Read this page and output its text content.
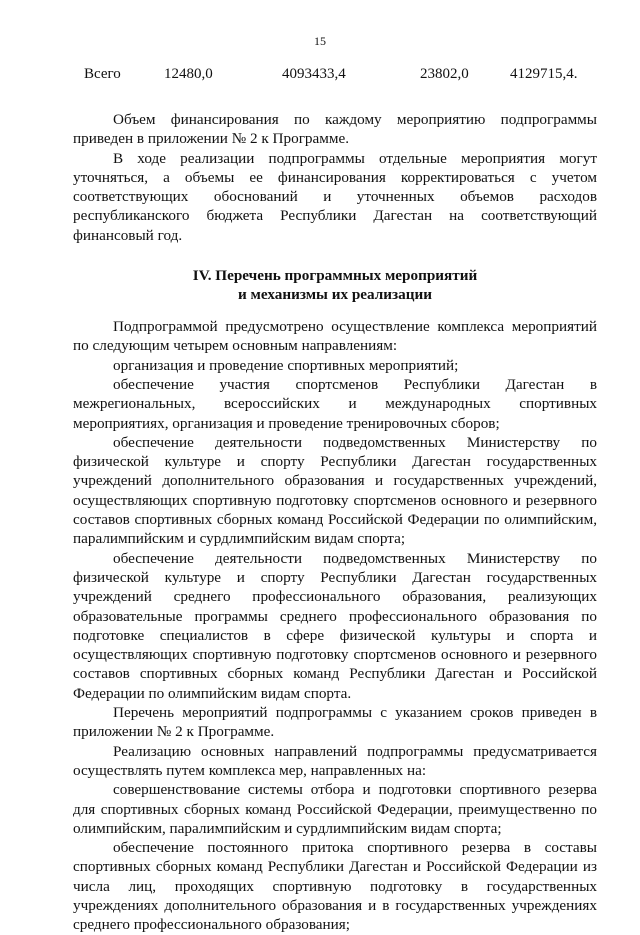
15
Всего	12480,0	4093433,4	23802,0	4129715,4.

Объем финансирования по каждому мероприятию подпрограммы приведен в приложении № 2 к Программе.

В ходе реализации подпрограммы отдельные мероприятия могут уточняться, а объемы ее финансирования корректироваться с учетом соответствующих обоснований и уточненных объемов расходов республиканского бюджета Республики Дагестан на соответствующий финансовый год.

IV. Перечень программных мероприятий
и механизмы их реализации

Подпрограммой предусмотрено осуществление комплекса мероприятий по следующим четырем основным направлениям:

организация и проведение спортивных мероприятий;

обеспечение участия спортсменов Республики Дагестан в межрегиональных, всероссийских и международных спортивных мероприятиях, организация и проведение тренировочных сборов;

обеспечение деятельности подведомственных Министерству по физической культуре и спорту Республики Дагестан государственных учреждений дополнительного образования и государственных учреждений, осуществляющих спортивную подготовку спортсменов основного и резервного составов спортивных сборных команд Российской Федерации по олимпийским, паралимпийским и сурдлимпийским видам спорта;

обеспечение деятельности подведомственных Министерству по физической культуре и спорту Республики Дагестан государственных учреждений среднего профессионального образования, реализующих образовательные программы среднего профессионального образования по подготовке специалистов в сфере физической культуры и спорта и осуществляющих спортивную подготовку спортсменов основного и резервного составов спортивных сборных команд Республики Дагестан и Российской Федерации по олимпийским видам спорта.

Перечень мероприятий подпрограммы с указанием сроков приведен в приложении № 2 к Программе.

Реализацию основных направлений подпрограммы предусматривается осуществлять путем комплекса мер, направленных на:

совершенствование системы отбора и подготовки спортивного резерва для спортивных сборных команд Российской Федерации, преимущественно по олимпийским, паралимпийским и сурдлимпийским видам спорта;

обеспечение постоянного притока спортивного резерва в составы спортивных сборных команд Республики Дагестан и Российской Федерации из числа лиц, проходящих спортивную подготовку в государственных учреждениях дополнительного образования и в государственных учреждениях среднего профессионального образования;
